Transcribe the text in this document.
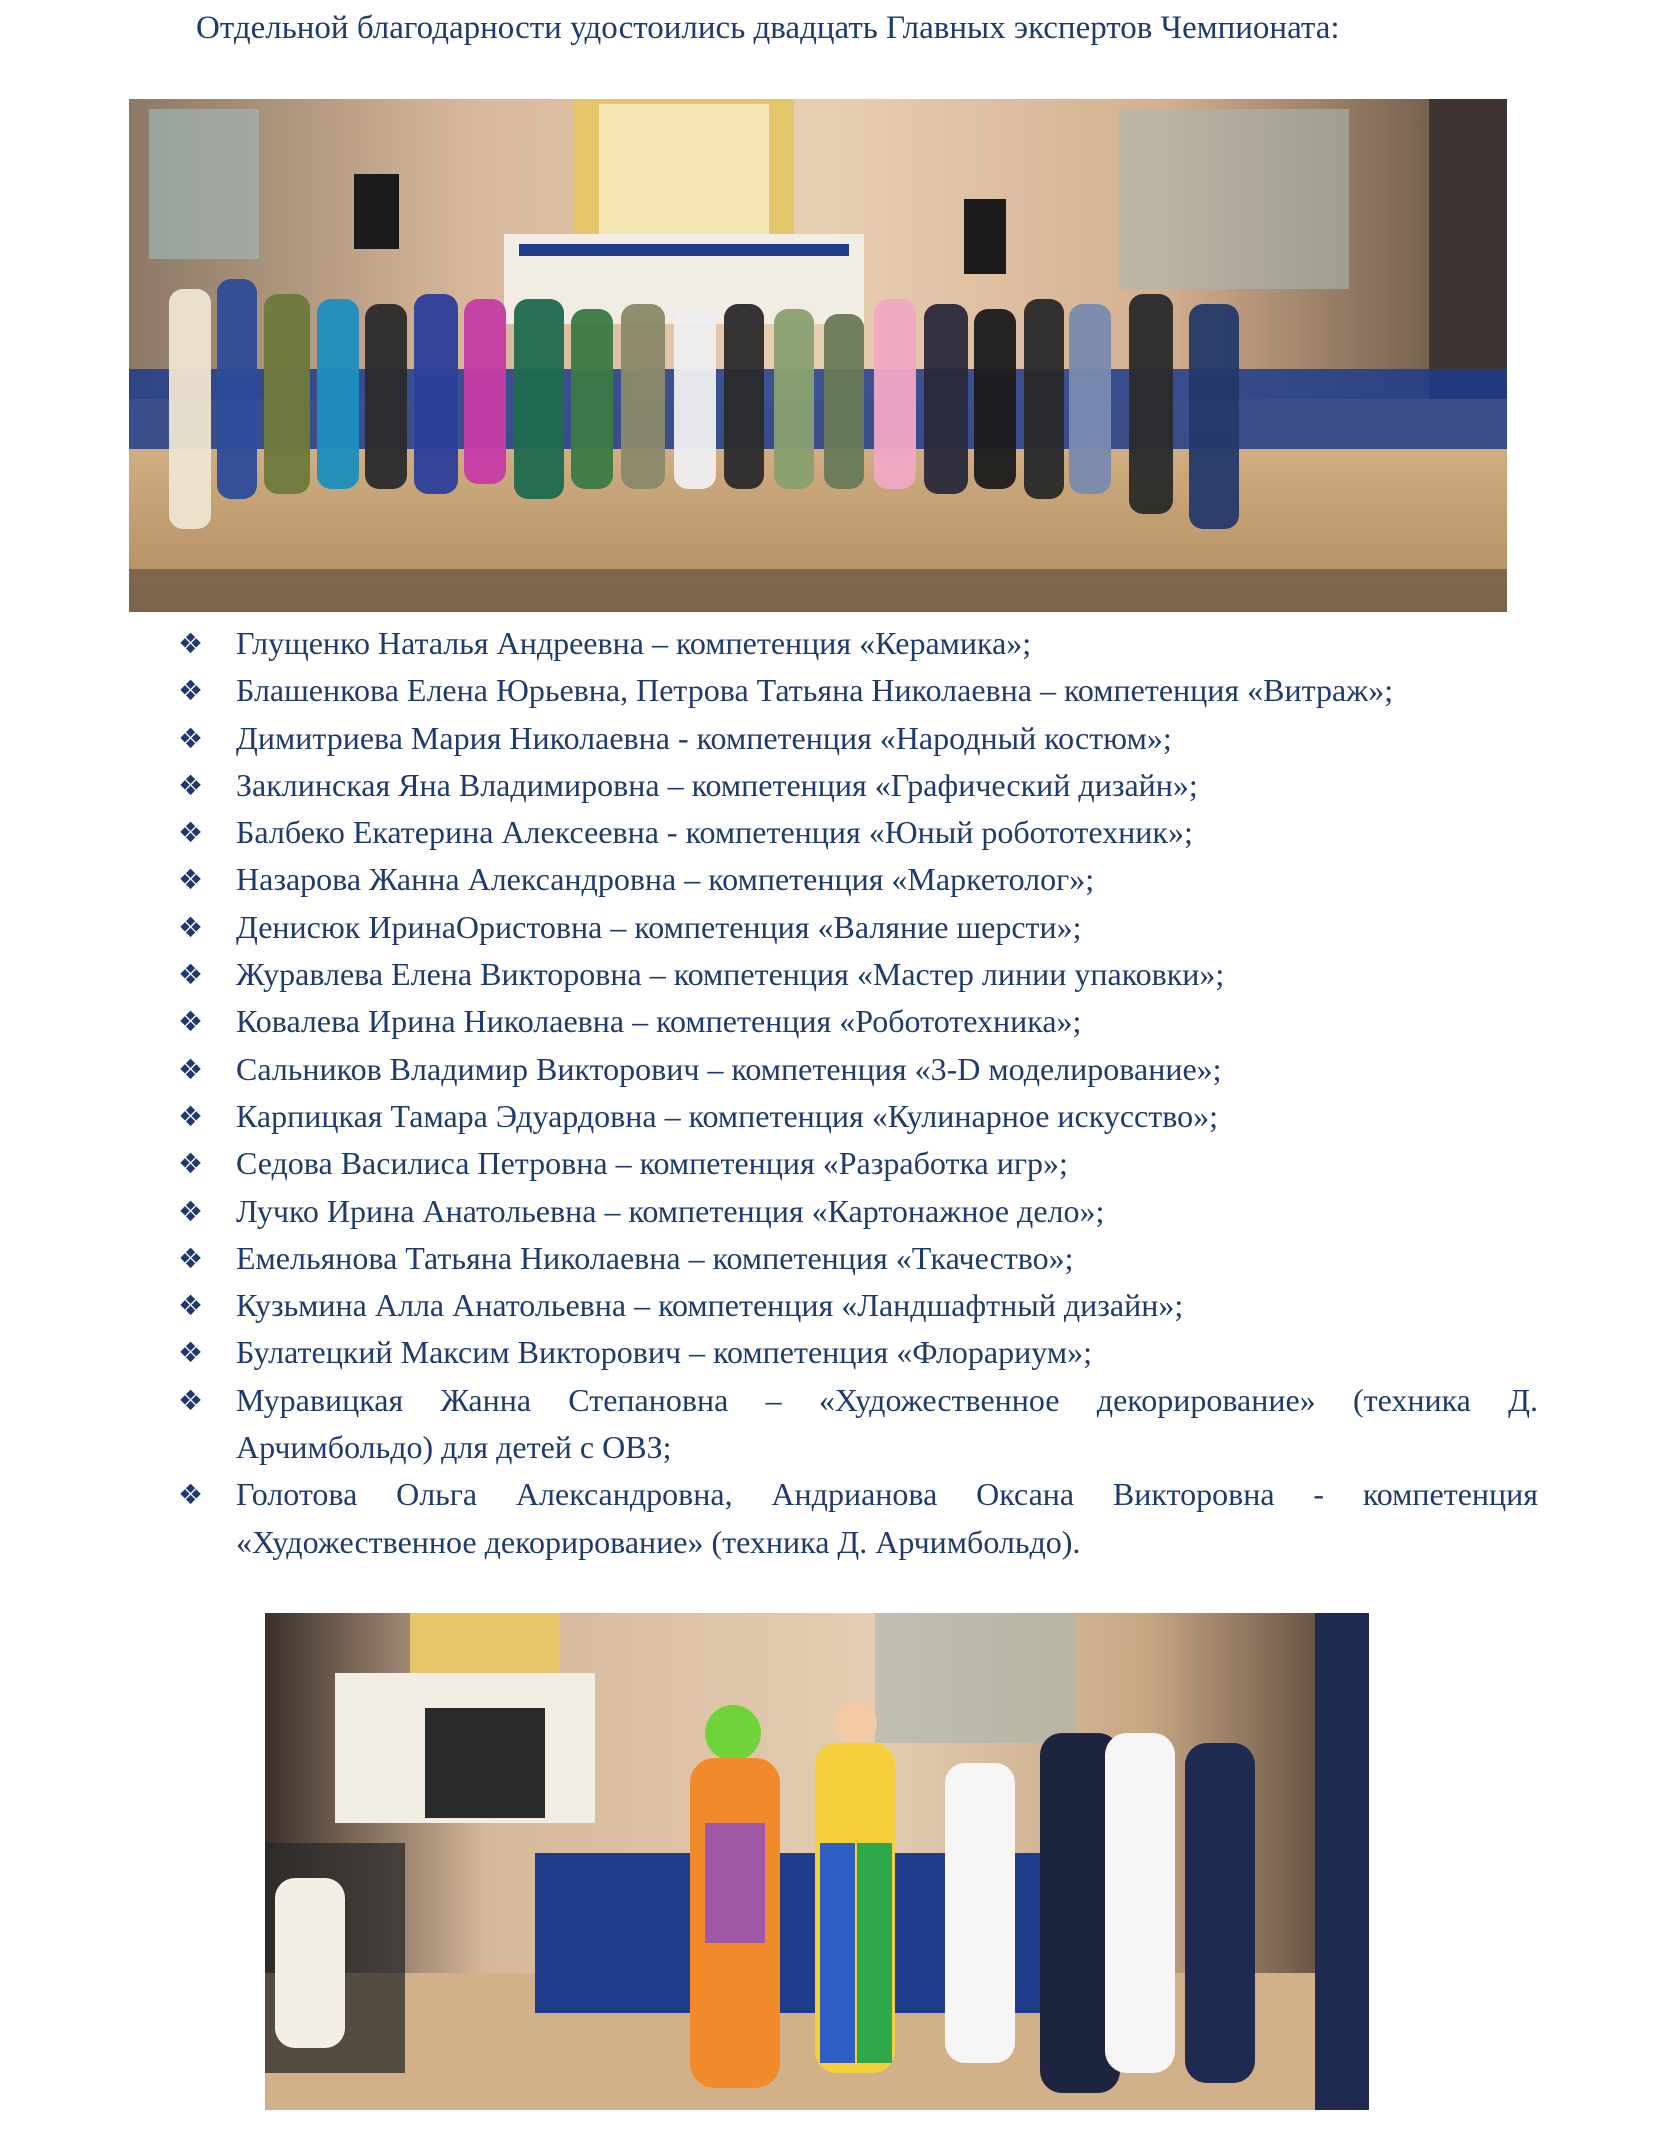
Отдельной благодарности удостоились двадцать Главных экспертов Чемпионата:
❖ Глущенко Наталья Андреевна – компетенция «Керамика»;
❖ Блашенкова Елена Юрьевна, Петрова Татьяна Николаевна – компетенция «Витраж»;
❖ Димитриева Мария Николаевна - компетенция «Народный костюм»;
❖ Заклинская Яна Владимировна – компетенция «Графический дизайн»;
❖ Балбеко Екатерина Алексеевна - компетенция «Юный робототехник»;
❖ Назарова Жанна Александровна – компетенция «Маркетолог»;
❖ Денисюк ИринаОристовна – компетенция «Валяние шерсти»;
❖ Журавлева Елена Викторовна – компетенция «Мастер линии упаковки»;
❖ Ковалева Ирина Николаевна – компетенция «Робототехника»;
❖ Сальников Владимир Викторович – компетенция «3-D моделирование»;
❖ Карпицкая Тамара Эдуардовна – компетенция «Кулинарное искусство»;
❖ Седова Василиса Петровна – компетенция «Разработка игр»;
❖ Лучко Ирина Анатольевна – компетенция «Картонажное дело»;
❖ Емельянова Татьяна Николаевна – компетенция «Ткачество»;
❖ Кузьмина Алла Анатольевна – компетенция «Ландшафтный дизайн»;
❖ Булатецкий Максим Викторович – компетенция «Флорариум»;
❖ Муравицкая Жанна Степановна – «Художественное декорирование» (техника Д. Арчимбольдо) для детей с ОВЗ;
❖ Голотова Ольга Александровна, Андрианова Оксана Викторовна - компетенция «Художественное декорирование» (техника Д. Арчимбольдо).
